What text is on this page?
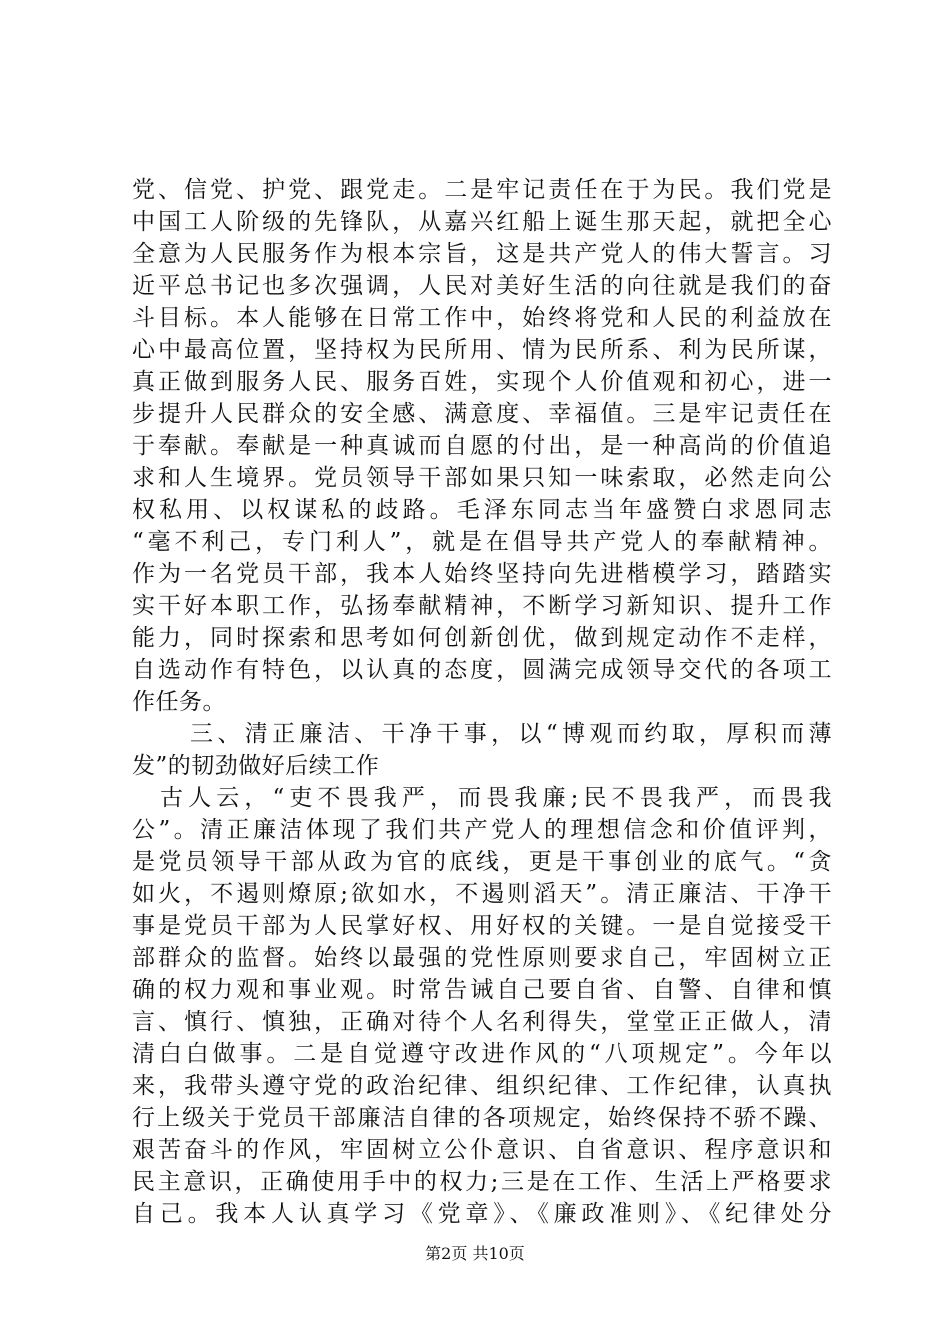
党、信党、护党、跟党走。二是牢记责任在于为民。我们党是
中国工人阶级的先锋队，从嘉兴红船上诞生那天起，就把全心
全意为人民服务作为根本宗旨，这是共产党人的伟大誓言。习
近平总书记也多次强调，人民对美好生活的向往就是我们的奋
斗目标。本人能够在日常工作中，始终将党和人民的利益放在
心中最高位置，坚持权为民所用、情为民所系、利为民所谋，
真正做到服务人民、服务百姓，实现个人价值观和初心，进一
步提升人民群众的安全感、满意度、幸福值。三是牢记责任在
于奉献。奉献是一种真诚而自愿的付出，是一种高尚的价值追
求和人生境界。党员领导干部如果只知一味索取，必然走向公
权私用、以权谋私的歧路。毛泽东同志当年盛赞白求恩同志
“毫不利己，专门利人”，就是在倡导共产党人的奉献精神。
作为一名党员干部，我本人始终坚持向先进楷模学习，踏踏实
实干好本职工作，弘扬奉献精神，不断学习新知识、提升工作
能力，同时探索和思考如何创新创优，做到规定动作不走样，
自选动作有特色，以认真的态度，圆满完成领导交代的各项工
作任务。
三、清正廉洁、干净干事，以“博观而约取，厚积而薄
发”的韧劲做好后续工作
古人云，“吏不畏我严，而畏我廉;民不畏我严，而畏我
公”。清正廉洁体现了我们共产党人的理想信念和价值评判，
是党员领导干部从政为官的底线，更是干事创业的底气。“贪
如火，不遏则燎原;欲如水，不遏则滔天”。清正廉洁、干净干
事是党员干部为人民掌好权、用好权的关键。一是自觉接受干
部群众的监督。始终以最强的党性原则要求自己，牢固树立正
确的权力观和事业观。时常告诫自己要自省、自警、自律和慎
言、慎行、慎独，正确对待个人名利得失，堂堂正正做人，清
清白白做事。二是自觉遵守改进作风的“八项规定”。今年以
来，我带头遵守党的政治纪律、组织纪律、工作纪律，认真执
行上级关于党员干部廉洁自律的各项规定，始终保持不骄不躁、
艰苦奋斗的作风，牢固树立公仆意识、自省意识、程序意识和
民主意识，正确使用手中的权力;三是在工作、生活上严格要求
自己。我本人认真学习《党章》、《廉政准则》、《纪律处分
第2页 共10页
